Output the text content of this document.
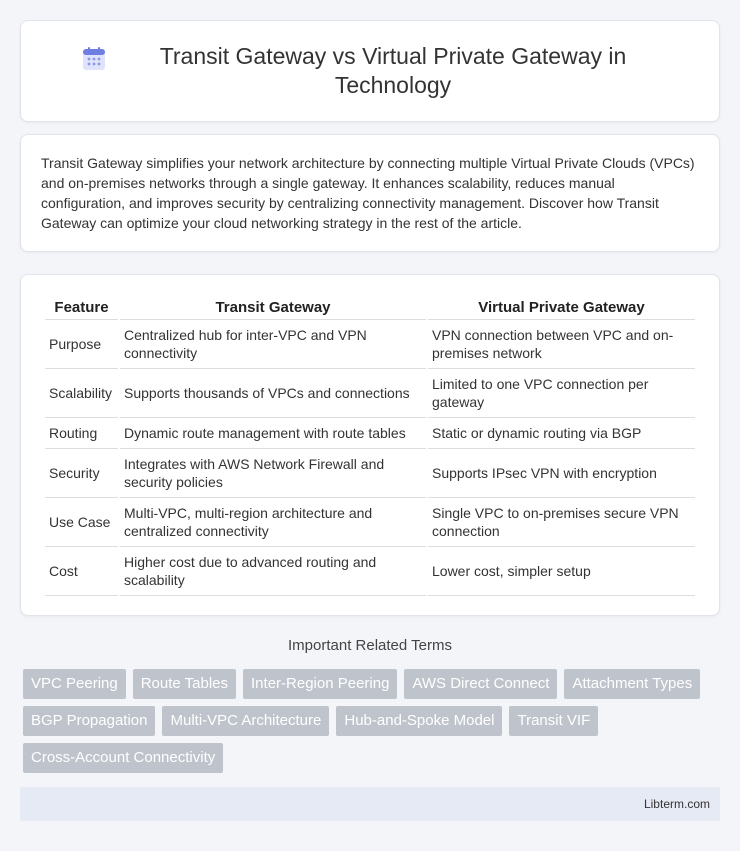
Transit Gateway vs Virtual Private Gateway in Technology

Transit Gateway simplifies your network architecture by connecting multiple Virtual Private Clouds (VPCs) and on-premises networks through a single gateway. It enhances scalability, reduces manual configuration, and improves security by centralizing connectivity management. Discover how Transit Gateway can optimize your cloud networking strategy in the rest of the article.

Feature	Transit Gateway	Virtual Private Gateway
Purpose	Centralized hub for inter-VPC and VPN connectivity	VPN connection between VPC and on-premises network
Scalability	Supports thousands of VPCs and connections	Limited to one VPC connection per gateway
Routing	Dynamic route management with route tables	Static or dynamic routing via BGP
Security	Integrates with AWS Network Firewall and security policies	Supports IPsec VPN with encryption
Use Case	Multi-VPC, multi-region architecture and centralized connectivity	Single VPC to on-premises secure VPN connection
Cost	Higher cost due to advanced routing and scalability	Lower cost, simpler setup
Important Related Terms
VPC Peering	Route Tables	Inter-Region Peering	AWS Direct Connect	Attachment Types
BGP Propagation	Multi-VPC Architecture	Hub-and-Spoke Model	Transit VIF
Cross-Account Connectivity
Libterm.com
